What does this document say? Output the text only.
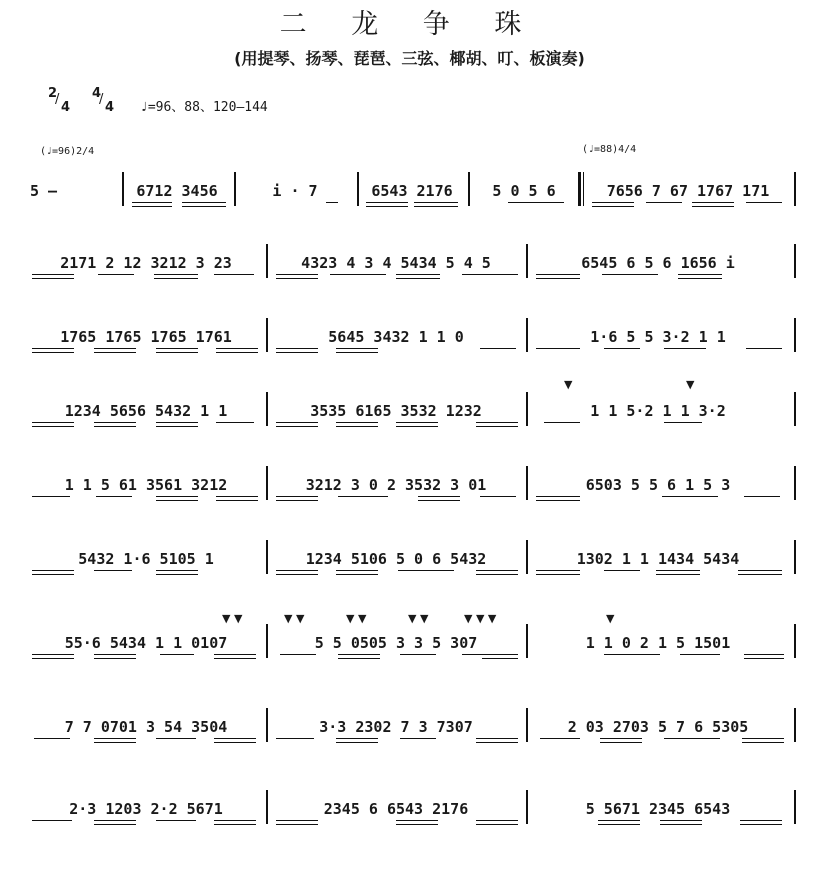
二 龙 争 珠
(用提琴、扬琴、琵琶、三弦、椰胡、叮、板演奏)
2
/
4
4
/
4 ♩=96、88、120—144
(♩=96)2/4	(♩=88)4/4
5 —	6712 3456	i · 7	6543 2176	5 0 5 6	7656 7 67 1767 171
2171 2 12 3212 3 23	4323 4 3 4 5434 5 4 5	6545 6 5 6 1656 i
1765 1765 1765 1761	5645 3432 1 1 0	1·6 5 5 3·2 1 1
1234 5656 5432 1 1	3535 6165 3532 1232	1 1 5·2 1 1 3·2
▼	▼
1 1 5 61 3561 3212	3212 3 0 2 3532 3 01	6503 5 5 6 1 5 3
5432 1·6 5105 1	1234 5106 5 0 6 5432	1302 1 1 1434 5434
55·6 5434 1 1 0107	5 5 0505 3 3 5 307	1 1 0 2 1 5 1501
▼ ▼	▼ ▼	▼ ▼	▼ ▼	▼ ▼ ▼	▼
7 7 0701 3 54 3504	3·3 2302 7 3 7307	2 03 2703 5 7 6 5305
2·3 1203 2·2 5671	2345 6 6543 2176	5 5671 2345 6543
